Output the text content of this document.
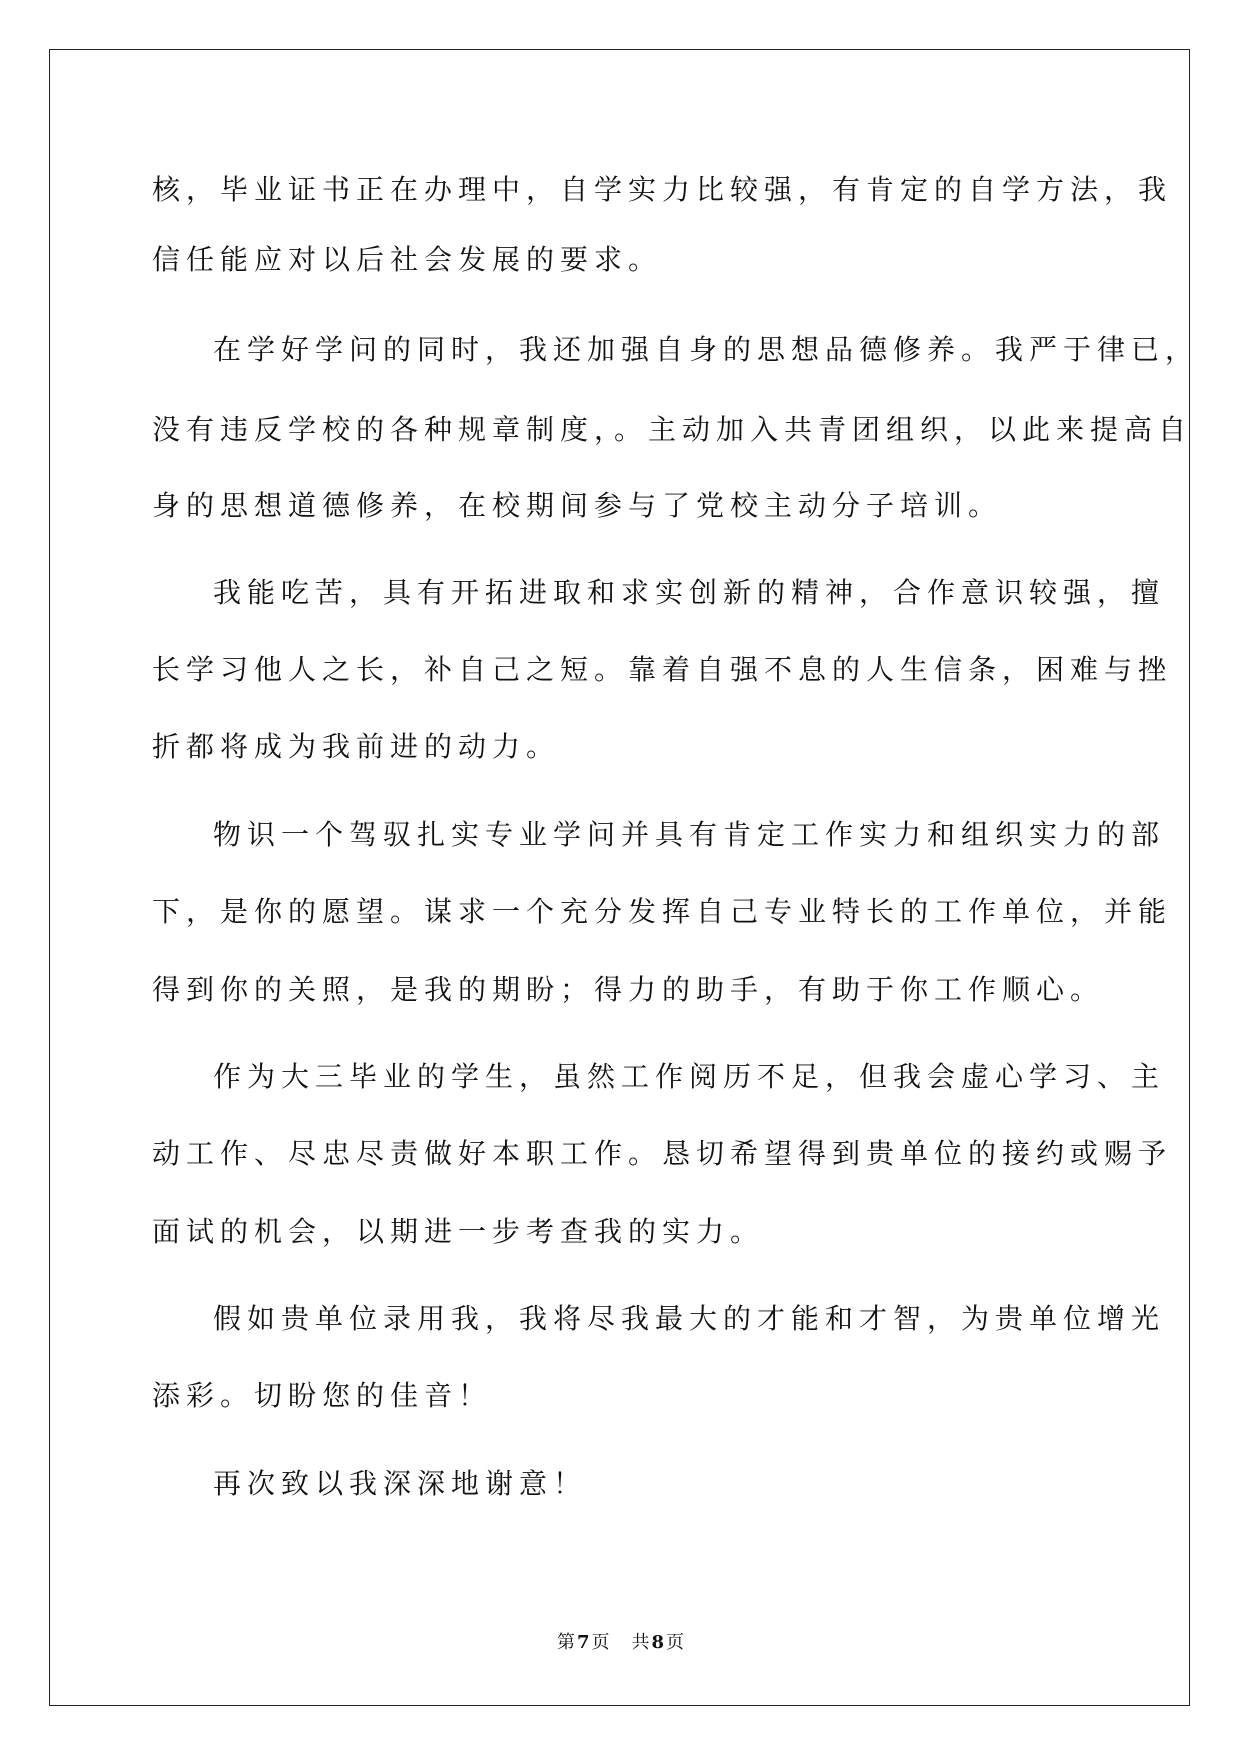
核，毕业证书正在办理中，自学实力比较强，有肯定的自学方法，我
信任能应对以后社会发展的要求。
在学好学问的同时，我还加强自身的思想品德修养。我严于律已，
没有违反学校的各种规章制度，。主动加入共青团组织，以此来提高自
身的思想道德修养，在校期间参与了党校主动分子培训。
我能吃苦，具有开拓进取和求实创新的精神，合作意识较强，擅
长学习他人之长，补自己之短。靠着自强不息的人生信条，困难与挫
折都将成为我前进的动力。
物识一个驾驭扎实专业学问并具有肯定工作实力和组织实力的部
下，是你的愿望。谋求一个充分发挥自己专业特长的工作单位，并能
得到你的关照，是我的期盼；得力的助手，有助于你工作顺心。
作为大三毕业的学生，虽然工作阅历不足，但我会虚心学习、主
动工作、尽忠尽责做好本职工作。恳切希望得到贵单位的接约或赐予
面试的机会，以期进一步考查我的实力。
假如贵单位录用我，我将尽我最大的才能和才智，为贵单位增光
添彩。切盼您的佳音！
再次致以我深深地谢意！
第 7 页 共 8 页
